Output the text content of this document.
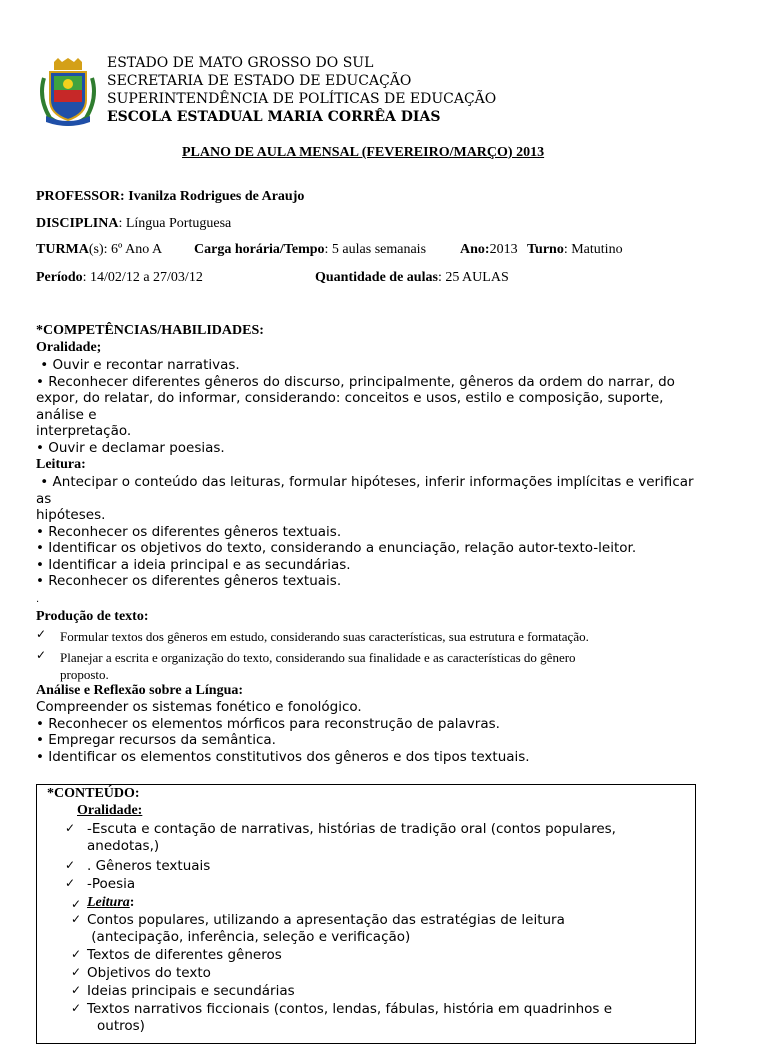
ESTADO DE MATO GROSSO DO SUL
SECRETARIA DE ESTADO DE EDUCAÇÃO
SUPERINTENDÊNCIA DE POLÍTICAS DE EDUCAÇÃO
ESCOLA ESTADUAL MARIA CORRÊA DIAS
PLANO DE AULA MENSAL (FEVEREIRO/MARÇO) 2013
PROFESSOR: Ivanilza Rodrigues de Araujo
DISCIPLINA: Língua Portuguesa
TURMA(s): 6º Ano A Carga horária/Tempo: 5 aulas semanais Ano:2013 Turno: Matutino
Período: 14/02/12 a 27/03/12	Quantidade de aulas: 25 AULAS
*COMPETÊNCIAS/HABILIDADES:
Oralidade;
• Ouvir e recontar narrativas.
• Reconhecer diferentes gêneros do discurso, principalmente, gêneros da ordem do narrar, do
expor, do relatar, do informar, considerando: conceitos e usos, estilo e composição, suporte,
análise e
interpretação.
• Ouvir e declamar poesias.
Leitura:
• Antecipar o conteúdo das leituras, formular hipóteses, inferir informações implícitas e verificar
as
hipóteses.
• Reconhecer os diferentes gêneros textuais.
• Identificar os objetivos do texto, considerando a enunciação, relação autor-texto-leitor.
• Identificar a ideia principal e as secundárias.
• Reconhecer os diferentes gêneros textuais.
.
Produção de texto:
✓ Formular textos dos gêneros em estudo, considerando suas características, sua estrutura e formatação.
✓ Planejar a escrita e organização do texto, considerando sua finalidade e as características do gênero
proposto.
Análise e Reflexão sobre a Língua:
Compreender os sistemas fonético e fonológico.
• Reconhecer os elementos mórficos para reconstrução de palavras.
• Empregar recursos da semântica.
• Identificar os elementos constitutivos dos gêneros e dos tipos textuais.
*CONTEÚDO:
Oralidade:
✓ -Escuta e contação de narrativas, histórias de tradição oral (contos populares,
anedotas,)
✓ . Gêneros textuais
✓ -Poesia
✓ Leitura:
✓ Contos populares, utilizando a apresentação das estratégias de leitura
(antecipação, inferência, seleção e verificação)
✓ Textos de diferentes gêneros
✓ Objetivos do texto
✓ Ideias principais e secundárias
✓ Textos narrativos ficcionais (contos, lendas, fábulas, história em quadrinhos e
outros)
